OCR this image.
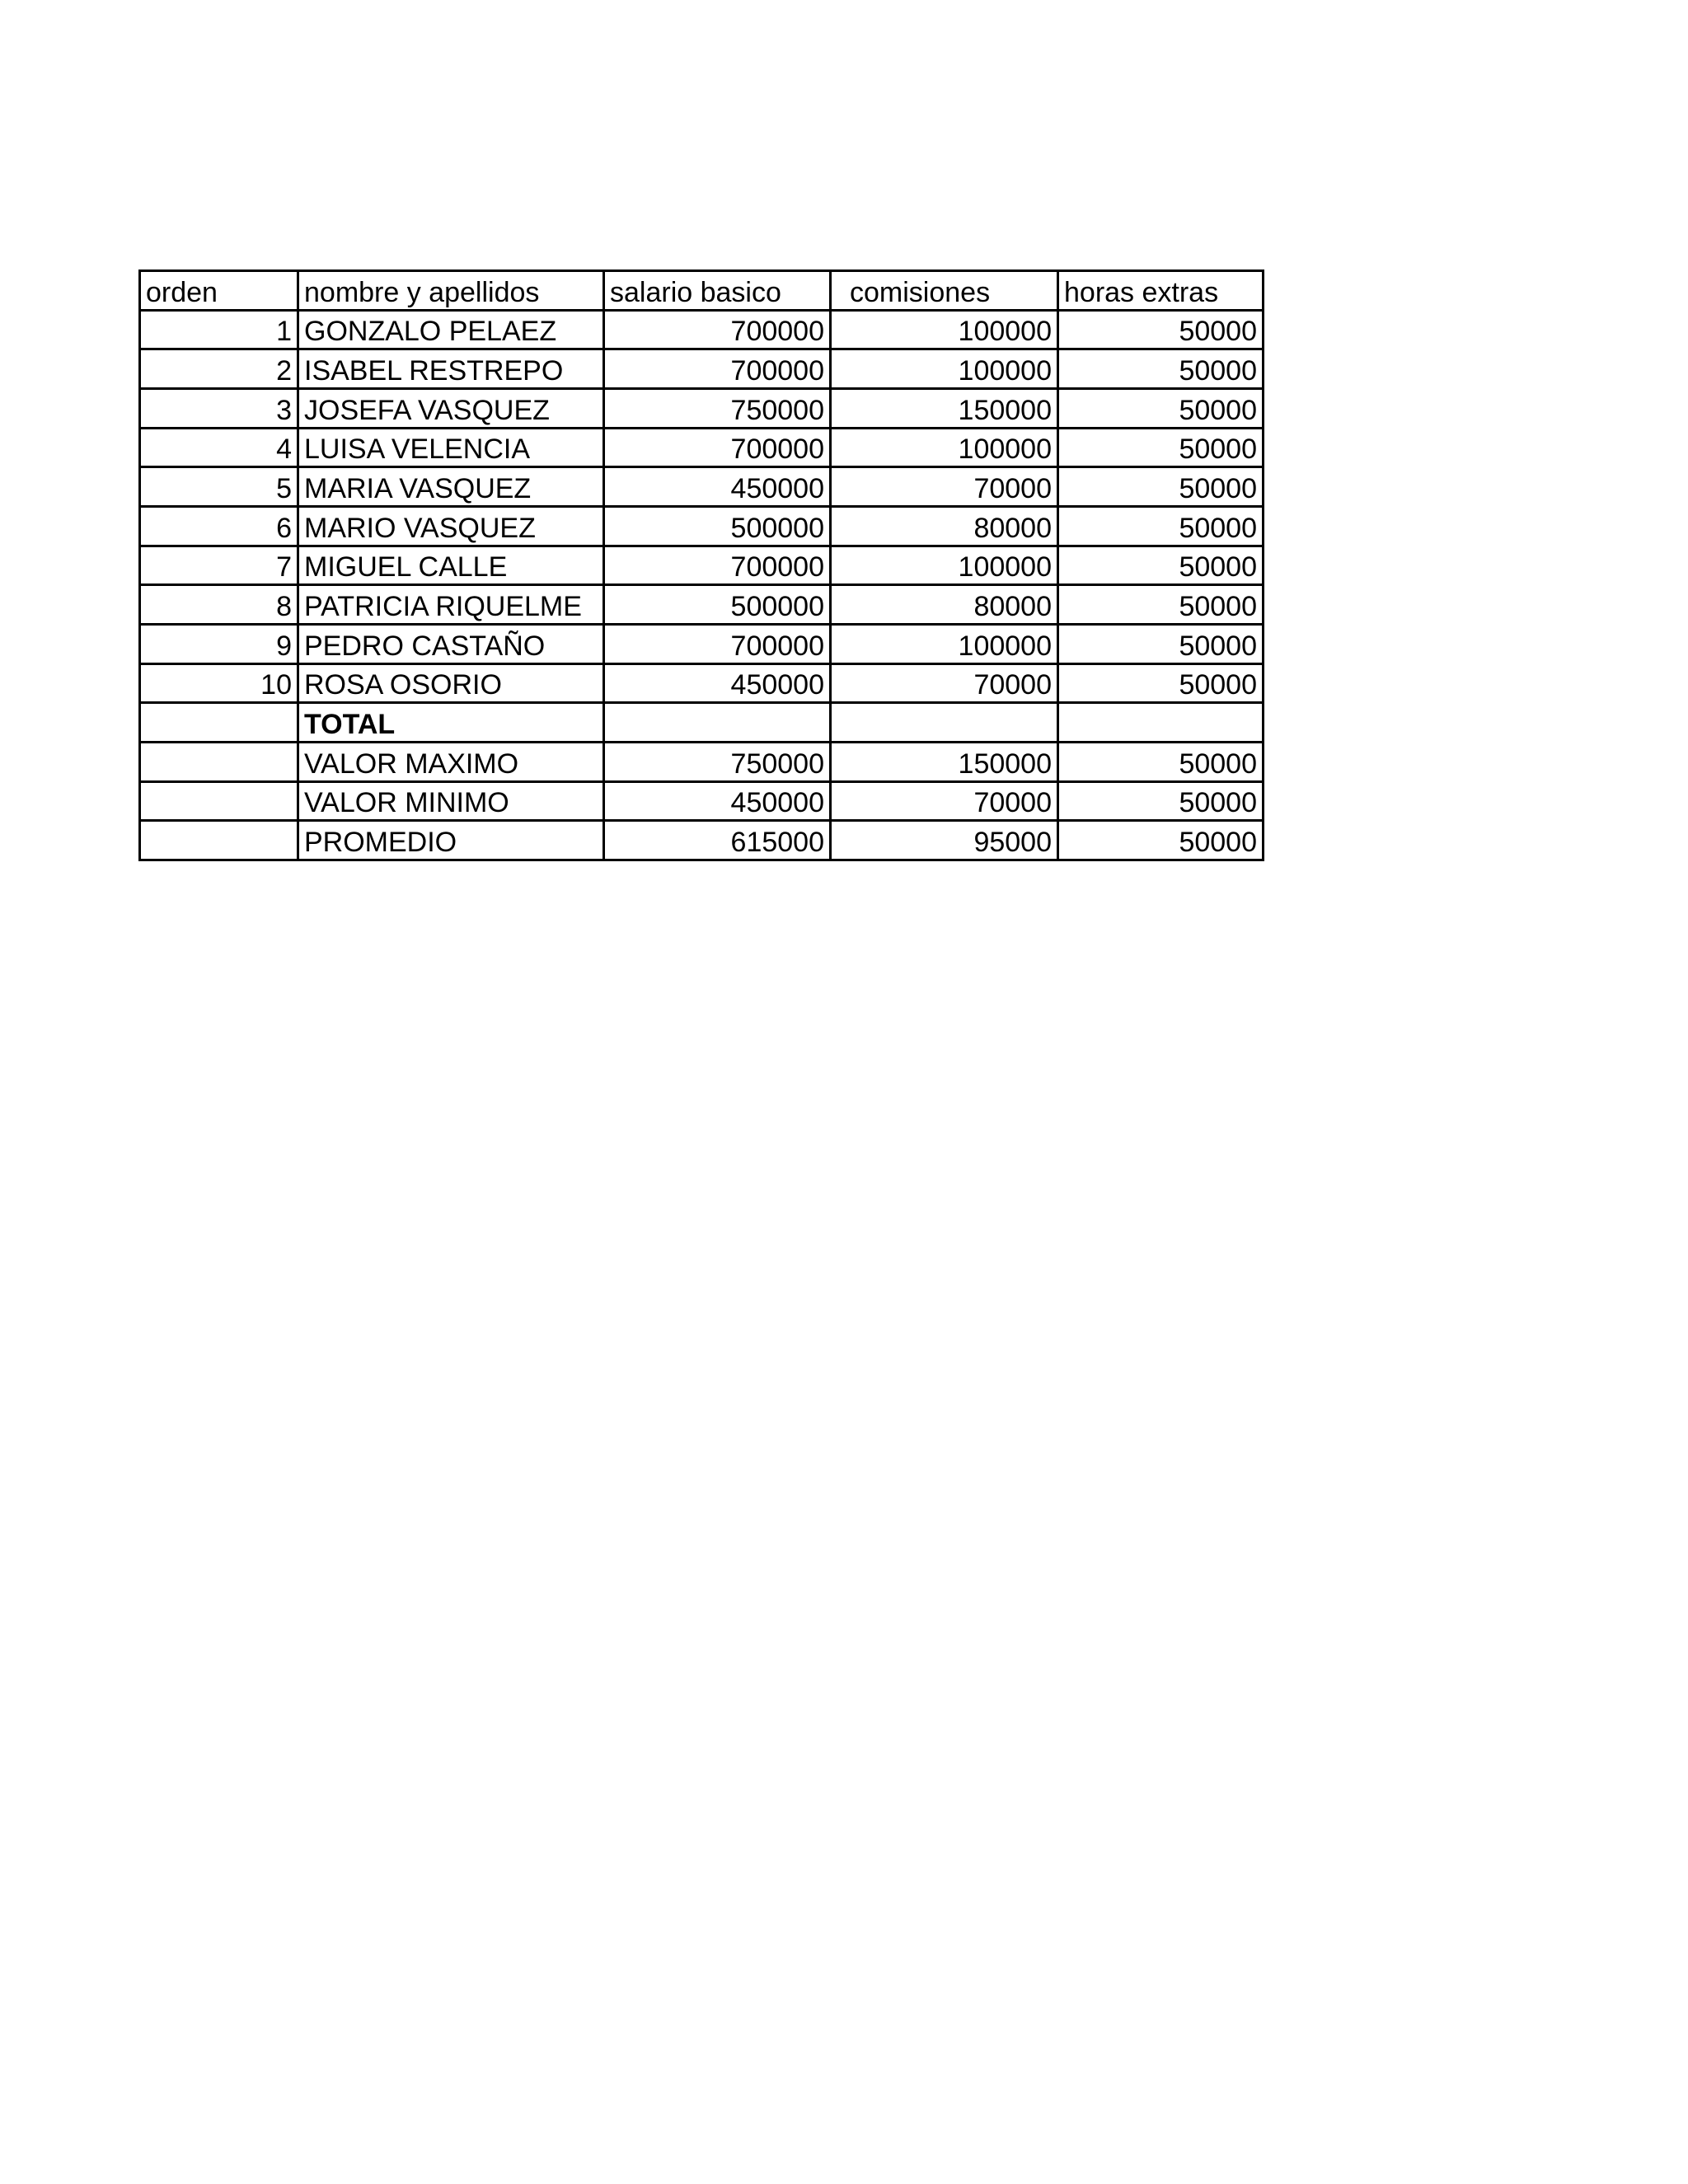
orden	nombre y apellidos	salario basico	comisiones	horas extras
1 GONZALO PELAEZ	700000	100000	50000
2 ISABEL RESTREPO	700000	100000	50000
3 JOSEFA VASQUEZ	750000	150000	50000
4 LUISA VELENCIA	700000	100000	50000
5 MARIA VASQUEZ	450000	70000	50000
6 MARIO VASQUEZ	500000	80000	50000
7 MIGUEL CALLE	700000	100000	50000
8 PATRICIA RIQUELME	500000	80000	50000
9 PEDRO CASTAÑO	700000	100000	50000
10 ROSA OSORIO	450000	70000	50000
TOTAL
VALOR MAXIMO	750000	150000	50000
VALOR MINIMO	450000	70000	50000
PROMEDIO	615000	95000	50000
